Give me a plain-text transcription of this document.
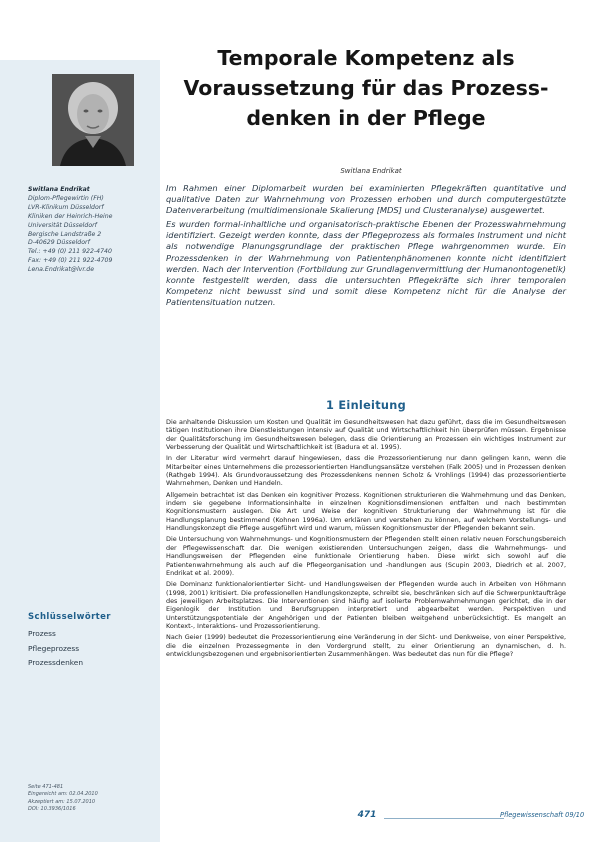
Temporale Kompetenz als
Voraussetzung für das Prozess-
denken in der Pflege
Switlana Endrikat
Switlana Endrikat
Diplom-Pflegewirtin (FH)
LVR-Klinikum Düsseldorf
Kliniken der Heinrich-Heine
Universität Düsseldorf
Bergische Landstraße 2
D-40629 Düsseldorf
Tel.: +49 (0) 211 922-4740
Fax: +49 (0) 211 922-4709
Lena.Endrikat@lvr.de

Im Rahmen einer Diplomarbeit wurden bei examinierten Pflegekräften quantitative und qualitative Daten zur Wahrnehmung von Prozessen erhoben und durch computergestützte Datenverarbeitung (multidimensionale Skalierung [MDS] und Clusteranalyse) ausgewertet.

Es wurden formal-inhaltliche und organisatorisch-praktische Ebenen der Prozesswahrnehmung identifiziert. Gezeigt werden konnte, dass der Pflegeprozess als formales Instrument und nicht als notwendige Planungsgrundlage der praktischen Pflege wahrgenommen wurde. Ein Prozessdenken in der Wahrnehmung von Patientenphänomenen konnte nicht identifiziert werden. Nach der Intervention (Fortbildung zur Grundlagenvermittlung der Humanontogenetik) konnte festgestellt werden, dass die untersuchten Pflegekräfte sich ihrer temporalen Kompetenz nicht bewusst sind und somit diese Kompetenz nicht für die Analyse der Patientensituation nutzen.

1 Einleitung

Die anhaltende Diskussion um Kosten und Qualität im Gesundheitswesen hat dazu geführt, dass die im Gesundheitswesen tätigen Institutionen ihre Dienstleistungen intensiv auf Qualität und Wirtschaftlichkeit hin überprüfen müssen. Ergebnisse der Qualitätsforschung im Gesundheitswesen belegen, dass die Orientierung an Prozessen ein wichtiges Instrument zur Verbesserung der Qualität und Wirtschaftlichkeit ist (Badura et al. 1995).

In der Literatur wird vermehrt darauf hingewiesen, dass die Prozessorientierung nur dann gelingen kann, wenn die Mitarbeiter eines Unternehmens die prozessorientierten Handlungsansätze verstehen (Falk 2005) und in Prozessen denken (Rathgeb 1994). Als Grundvoraussetzung des Prozessdenkens nennen Scholz & Vrohlings (1994) das prozessorientierte Wahrnehmen, Denken und Handeln.

Allgemein betrachtet ist das Denken ein kognitiver Prozess. Kognitionen strukturieren die Wahrnehmung und das Denken, indem sie gegebene Informationsinhalte in einzelnen Kognitionsdimensionen entfalten und nach bestimmten Kognitionsmustern auslegen. Die Art und Weise der kognitiven Strukturierung der Wahrnehmung ist für die Handlungsplanung bestimmend (Kohnen 1996a). Um erklären und verstehen zu können, auf welchem Vorstellungs- und Handlungskonzept die Pflege ausgeführt wird und warum, müssen Kognitionsmuster der Pflegenden bekannt sein.

Die Untersuchung von Wahrnehmungs- und Kognitionsmustern der Pflegenden stellt einen relativ neuen Forschungsbereich der Pflegewissenschaft dar. Die wenigen existierenden Untersuchungen zeigen, dass die Wahrnehmungs- und Handlungsweisen der Pflegenden eine funktionale Orientierung haben. Diese wirkt sich sowohl auf die Patientenwahrnehmung als auch auf die Pflegeorganisation und -handlungen aus (Scupin 2003, Diedrich et al. 2007, Endrikat et al. 2009).

Die Dominanz funktionalorientierter Sicht- und Handlungsweisen der Pflegenden wurde auch in Arbeiten von Höhmann (1998, 2001) kritisiert. Die professionellen Handlungskonzepte, schreibt sie, beschränken sich auf die Schwerpunktaufträge des jeweiligen Arbeitsplatzes. Die Interventionen sind häufig auf isolierte Problemwahrnehmungen gerichtet, die in der Eigenlogik der Institution und Berufsgruppen interpretiert und abgearbeitet werden. Perspektiven und Unterstützungspotentiale der Angehörigen und der Patienten bleiben weitgehend unberücksichtigt. Es mangelt an Kontext-, Interaktions- und Prozessorientierung.

Nach Geier (1999) bedeutet die Prozessorientierung eine Veränderung in der Sicht- und Denkweise, von einer Perspektive, die die einzelnen Prozessegmente in den Vordergrund stellt, zu einer Orientierung an dynamischen, d. h. entwicklungsbezogenen und ergebnisorientierten Zusammenhängen. Was bedeutet das nun für die Pflege?

Schlüsselwörter
Prozess
Pflegeprozess
Prozessdenken
Seite 471-481
Eingereicht am: 02.04.2010
Akzeptiert am: 15.07.2010
DOI: 10.3936/1016
471	Pflegewissenschaft 09/10
